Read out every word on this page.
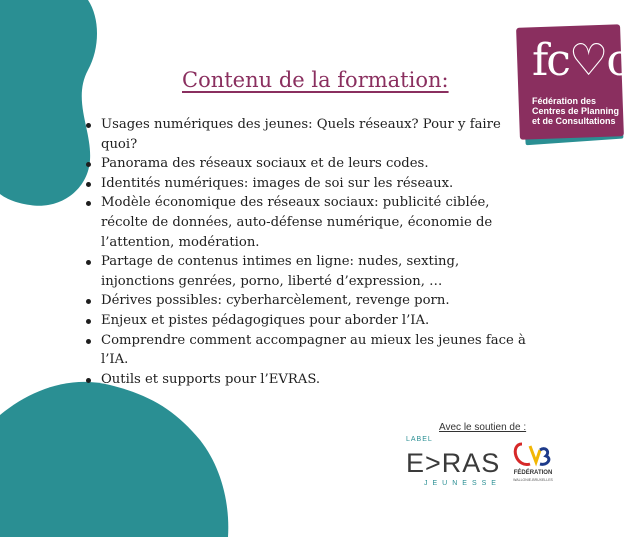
fc♡c
Fédération des
Centres de Planning
et de Consultations
Contenu de la formation:
Usages numériques des jeunes: Quels réseaux? Pour y faire quoi?
Panorama des réseaux sociaux et de leurs codes.
Identités numériques: images de soi sur les réseaux.
Modèle économique des réseaux sociaux: publicité ciblée, récolte de données, auto-défense numérique, économie de l’attention, modération.
Partage de contenus intimes en ligne: nudes, sexting, injonctions genrées, porno, liberté d’expression, …
Dérives possibles: cyberharcèlement, revenge porn.
Enjeux et pistes pédagogiques pour aborder l’IA.
Comprendre comment accompagner au mieux les jeunes face à l’IA.
Outils et supports pour l’EVRAS.
Avec le soutien de :
LABEL
E>RAS
JEUNESSE
FÉDÉRATION
WALLONIE-BRUXELLES
